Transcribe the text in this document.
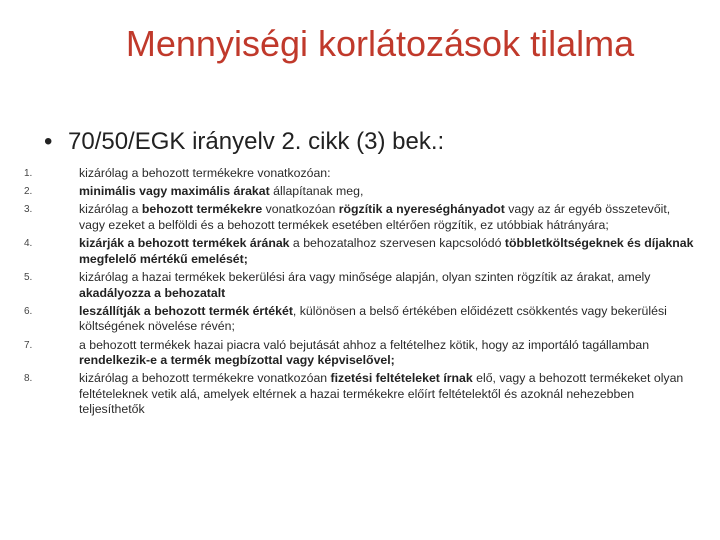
Mennyiségi korlátozások tilalma
• 70/50/EGK irányelv 2. cikk (3) bek.:
1.	kizárólag a behozott termékekre vonatkozóan:
2.	minimális vagy maximális árakat állapítanak meg,
3.	kizárólag a behozott termékekre vonatkozóan rögzítik a nyereséghányadot vagy az ár egyéb összetevőit, vagy ezeket a belföldi és a behozott termékek esetében eltérően rögzítik, ez utóbbiak hátrányára;
4.	kizárják a behozott termékek árának a behozatalhoz szervesen kapcsolódó többletköltségeknek és díjaknak megfelelő mértékű emelését;
5.	kizárólag a hazai termékek bekerülési ára vagy minősége alapján, olyan szinten rögzítik az árakat, amely akadályozza a behozatalt
6.	leszállítják a behozott termék értékét, különösen a belső értékében előidézett csökkentés vagy bekerülési költségének növelése révén;
7.	a behozott termékek hazai piacra való bejutását ahhoz a feltételhez kötik, hogy az importáló tagállamban rendelkezik-e a termék megbízottal vagy képviselővel;
8.	kizárólag a behozott termékekre vonatkozóan fizetési feltételeket írnak elő, vagy a behozott termékeket olyan feltételeknek vetik alá, amelyek eltérnek a hazai termékekre előírt feltételektől és azoknál nehezebben teljesíthetők
